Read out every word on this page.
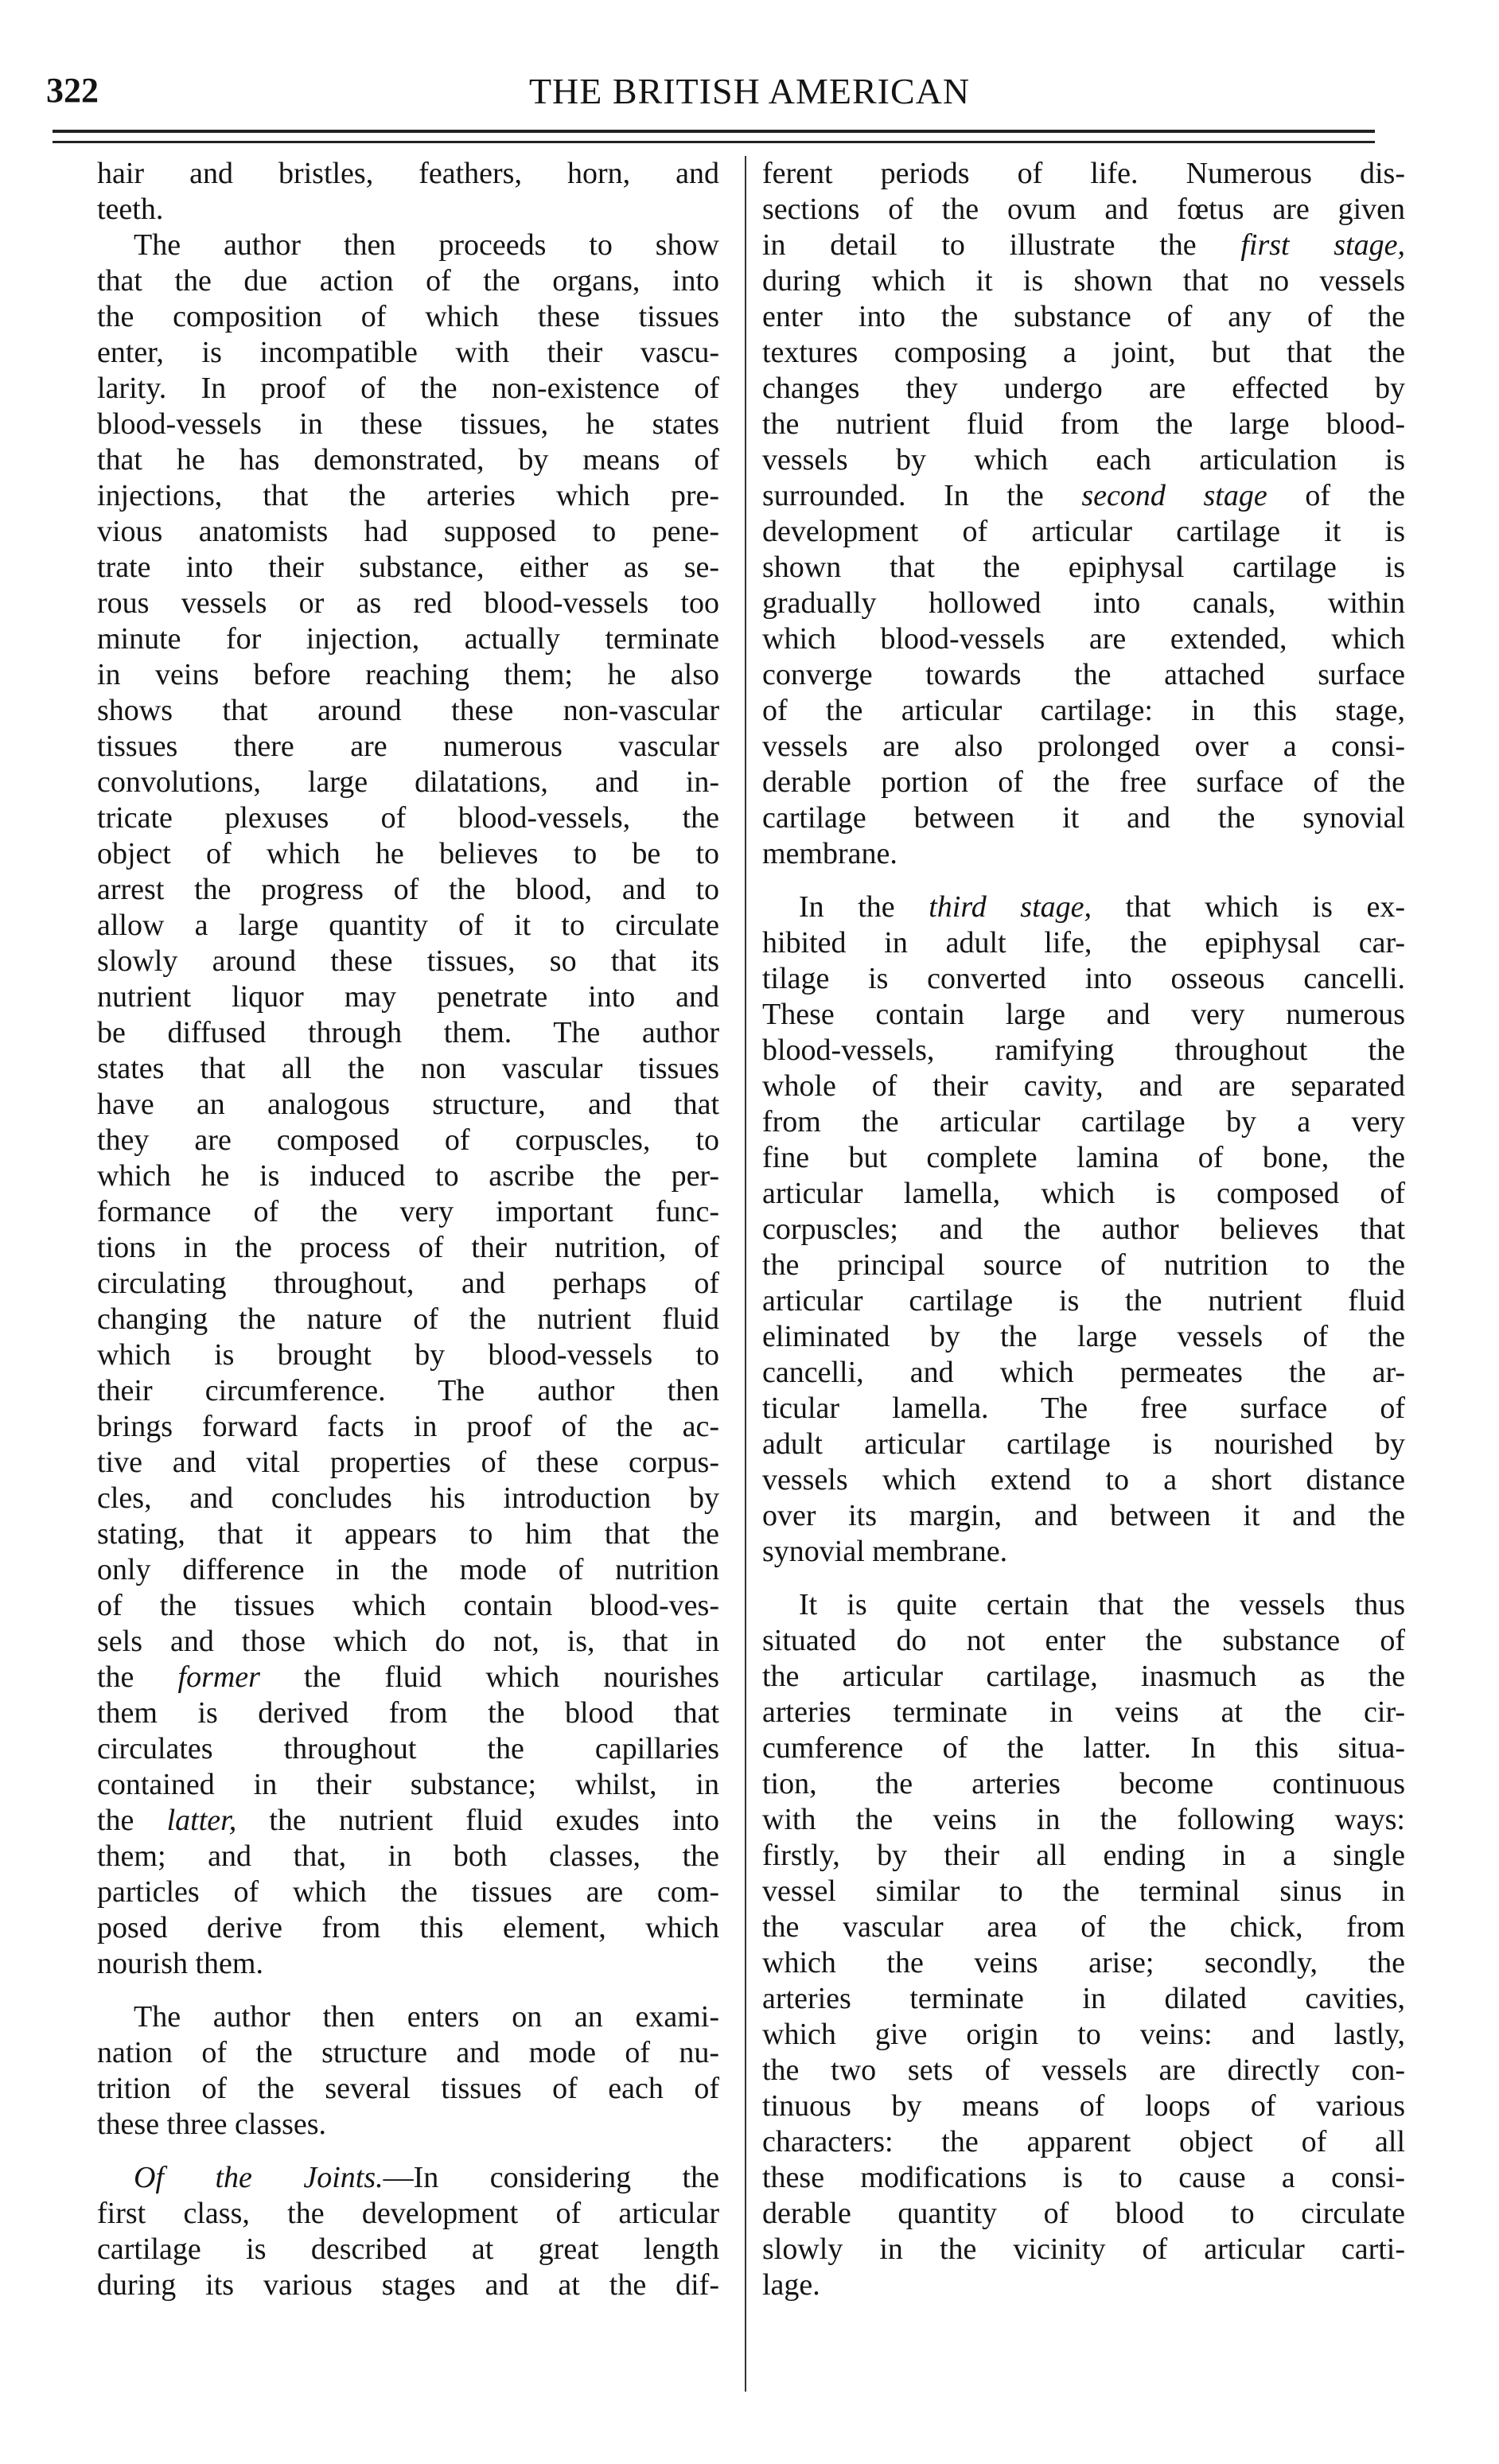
322	THE BRITISH AMERICAN
hair and bristles, feathers, horn, and
teeth.
The author then proceeds to show
that the due action of the organs, into
the composition of which these tissues
enter, is incompatible with their vascu-
larity. In proof of the non-existence of
blood-vessels in these tissues, he states
that he has demonstrated, by means of
injections, that the arteries which pre-
vious anatomists had supposed to pene-
trate into their substance, either as se-
rous vessels or as red blood-vessels too
minute for injection, actually terminate
in veins before reaching them; he also
shows that around these non-vascular
tissues there are numerous vascular
convolutions, large dilatations, and in-
tricate plexuses of blood-vessels, the
object of which he believes to be to
arrest the progress of the blood, and to
allow a large quantity of it to circulate
slowly around these tissues, so that its
nutrient liquor may penetrate into and
be diffused through them. The author
states that all the non vascular tissues
have an analogous structure, and that
they are composed of corpuscles, to
which he is induced to ascribe the per-
formance of the very important func-
tions in the process of their nutrition, of
circulating throughout, and perhaps of
changing the nature of the nutrient fluid
which is brought by blood-vessels to
their circumference. The author then
brings forward facts in proof of the ac-
tive and vital properties of these corpus-
cles, and concludes his introduction by
stating, that it appears to him that the
only difference in the mode of nutrition
of the tissues which contain blood-ves-
sels and those which do not, is, that in
the former the fluid which nourishes
them is derived from the blood that
circulates throughout the capillaries
contained in their substance; whilst, in
the latter, the nutrient fluid exudes into
them; and that, in both classes, the
particles of which the tissues are com-
posed derive from this element, which
nourish them.
The author then enters on an exami-
nation of the structure and mode of nu-
trition of the several tissues of each of
these three classes.
Of the Joints.—In considering the
first class, the development of articular
cartilage is described at great length
during its various stages and at the dif-
ferent periods of life. Numerous dis-
sections of the ovum and fœtus are given
in detail to illustrate the first stage,
during which it is shown that no vessels
enter into the substance of any of the
textures composing a joint, but that the
changes they undergo are effected by
the nutrient fluid from the large blood-
vessels by which each articulation is
surrounded. In the second stage of the
development of articular cartilage it is
shown that the epiphysal cartilage is
gradually hollowed into canals, within
which blood-vessels are extended, which
converge towards the attached surface
of the articular cartilage: in this stage,
vessels are also prolonged over a consi-
derable portion of the free surface of the
cartilage between it and the synovial
membrane.
In the third stage, that which is ex-
hibited in adult life, the epiphysal car-
tilage is converted into osseous cancelli.
These contain large and very numerous
blood-vessels, ramifying throughout the
whole of their cavity, and are separated
from the articular cartilage by a very
fine but complete lamina of bone, the
articular lamella, which is composed of
corpuscles; and the author believes that
the principal source of nutrition to the
articular cartilage is the nutrient fluid
eliminated by the large vessels of the
cancelli, and which permeates the ar-
ticular lamella. The free surface of
adult articular cartilage is nourished by
vessels which extend to a short distance
over its margin, and between it and the
synovial membrane.
It is quite certain that the vessels thus
situated do not enter the substance of
the articular cartilage, inasmuch as the
arteries terminate in veins at the cir-
cumference of the latter. In this situa-
tion, the arteries become continuous
with the veins in the following ways:
firstly, by their all ending in a single
vessel similar to the terminal sinus in
the vascular area of the chick, from
which the veins arise; secondly, the
arteries terminate in dilated cavities,
which give origin to veins: and lastly,
the two sets of vessels are directly con-
tinuous by means of loops of various
characters: the apparent object of all
these modifications is to cause a consi-
derable quantity of blood to circulate
slowly in the vicinity of articular carti-
lage.
